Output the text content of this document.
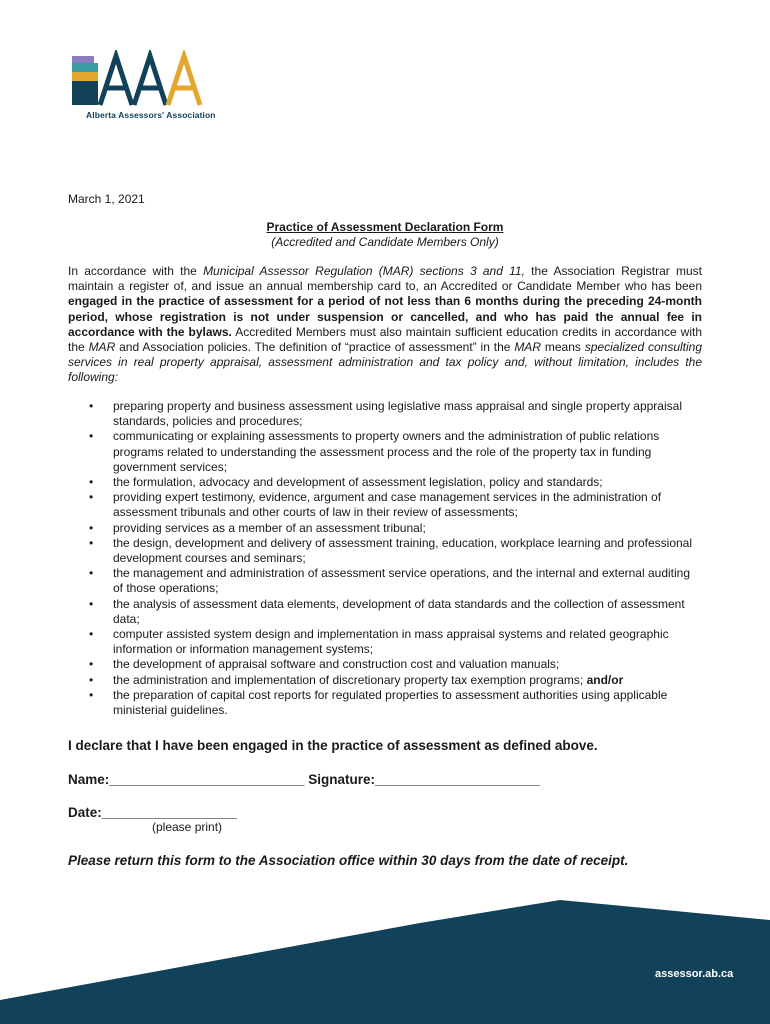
Alberta Assessors' Association
March 1, 2021
Practice of Assessment Declaration Form
(Accredited and Candidate Members Only)
In accordance with the Municipal Assessor Regulation (MAR) sections 3 and 11, the Association Registrar must maintain a register of, and issue an annual membership card to, an Accredited or Candidate Member who has been engaged in the practice of assessment for a period of not less than 6 months during the preceding 24-month period, whose registration is not under suspension or cancelled, and who has paid the annual fee in accordance with the bylaws. Accredited Members must also maintain sufficient education credits in accordance with the MAR and Association policies. The definition of “practice of assessment” in the MAR means specialized consulting services in real property appraisal, assessment administration and tax policy and, without limitation, includes the following:
• preparing property and business assessment using legislative mass appraisal and single property appraisal standards, policies and procedures;
• communicating or explaining assessments to property owners and the administration of public relations programs related to understanding the assessment process and the role of the property tax in funding government services;
• the formulation, advocacy and development of assessment legislation, policy and standards;
• providing expert testimony, evidence, argument and case management services in the administration of assessment tribunals and other courts of law in their review of assessments;
• providing services as a member of an assessment tribunal;
• the design, development and delivery of assessment training, education, workplace learning and professional development courses and seminars;
• the management and administration of assessment service operations, and the internal and external auditing of those operations;
• the analysis of assessment data elements, development of data standards and the collection of assessment data;
• computer assisted system design and implementation in mass appraisal systems and related geographic information or information management systems;
• the development of appraisal software and construction cost and valuation manuals;
• the administration and implementation of discretionary property tax exemption programs; and/or
• the preparation of capital cost reports for regulated properties to assessment authorities using applicable ministerial guidelines.
I declare that I have been engaged in the practice of assessment as defined above.
Name:__________________________ Signature:______________________
Date:__________________
(please print)
Please return this form to the Association office within 30 days from the date of receipt.
assessor.ab.ca
